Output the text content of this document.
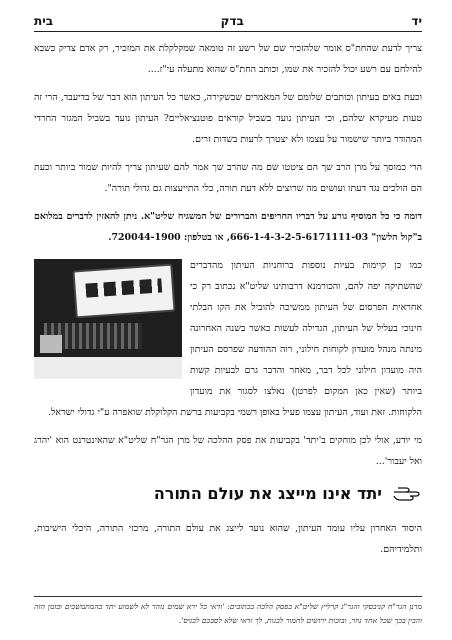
יד
בדק
בית

צריך לדעת שהחת"ס אומר שלהזכיר שם של רשע זה טומאה שמקלקלת את המזכיר, רק אדם צדיק כשבא להילחם עם רשע יכול להזכיר את שמו, וכותב החת"ס שהוא מתעלה עי"ז....

וכעת באים בעיתון וכותבים שלומם של המאמרים שבשקירה, כאשר כל העיתון הוא דבר של בדיעבד, הרי זה טעות מעיקרא שלהם, וכי העיתון נועד בשביל קוראים פוטנציאליים? העיתון נועד בשביל המגזר החרדי המהודר ביותר שישמור על עצמו ולא יצטרך לרעות בשדות זרים.

הרי כמוסך על מרן הרב שך הם ציטטו שם מה שהרב שך אמר להם שעיתון צריך להיות שמור ביותר וכעת הם הולכים נגד דעתו ועושים מה שרוצים ללא דעת תורה, כלי התייעצות גם גדולי תורה".

דומה כי כל המוסיף גורע על דבריו החריפים והברורים של המשגיח שליט"א. ניתן להאזין לדברים במלואם ב"קול הלשון" 666-1-4-3-2-5-6171111-03, או בטלפון: 720044-1900.

כמו כן קיימות בעיות נוספות ברוחניות העיתון מהדברים שהשתיקה יפה להם, והכורמנא דרבותינו שליט"א נכתוב רק כי אחראית הפרסום של העיתון ממשיכה להוביל את הקו הבלתי חינוכי בעליל של העיתון, הגדילה לעשות כאשר בשנה האחרונה מינתה מנהל מועדון לקוחות חילוני, רוה ההודעה שפרסם העיתון היה מועדון חילוני לכל דבר, מאחר והדבר גרם לבעיות קשות ביותר (שאין כאן המקום לפרטן) נאלצו לסגור את מועדון הלקוחות. זאת ועוד, העיתון עצמו פעיל באופן רשמי בקביעות ברשת הקלוקלת שואפרה ע"י גדולי ישראל.

מי יודע, אולי לכן מוחקים ב'יתד' בקביעות את פסק ההלכה של מרן הגר"ח שליט"א שהאינטרנט הוא 'יהרג ואל יעבור'...

יתד אינו מייצג את עולם התורה

היסוד האחרון עליו עומד העיתון, שהוא נועד לייצג את עולם התורה, מרכזי התורה, היכלי הישיבות, ותלמידיהם.

מרנן הגר"ח קניבסקי והגר"ג קרליץ שליט"א בפסק הלכה בכתובים: 'ודאי כל ירא שמים נזהר לא לשמוע יתד בהמתמשכים ובזמן הזה והבין בכך שכל אחד גוזר, ובזכות ירושים לחמור לבנות, לך ודאי שלא לסבכם לכניס'.
